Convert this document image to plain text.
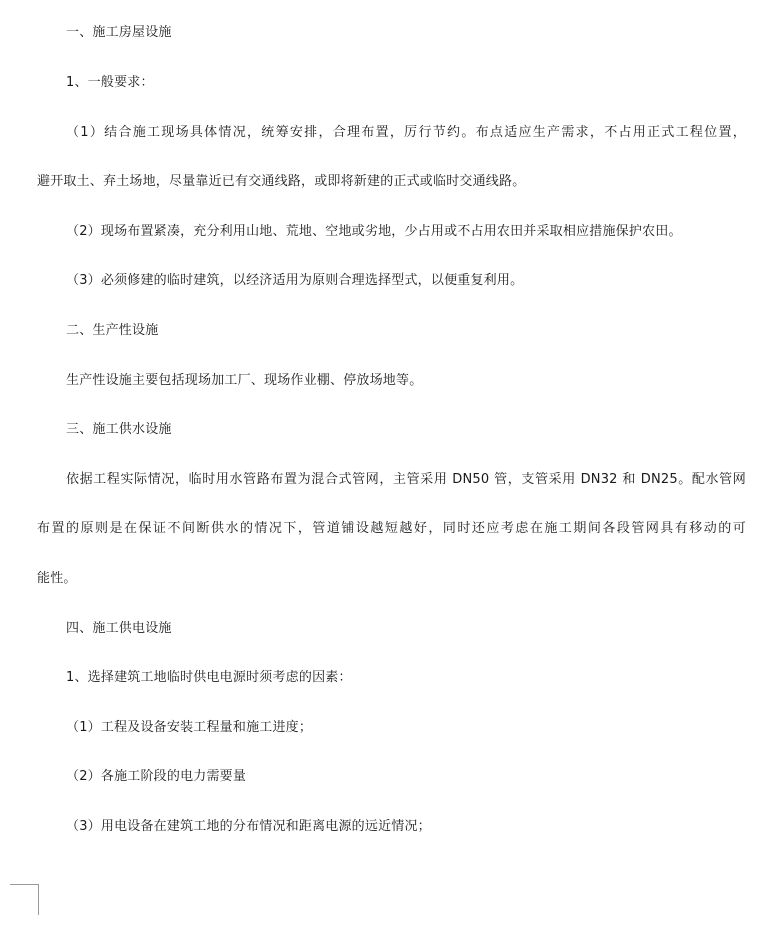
一、施工房屋设施
1、一般要求：
（1）结合施工现场具体情况，统筹安排，合理布置，厉行节约。布点适应生产需求，不占用正式工程位置，
避开取土、弃土场地，尽量靠近已有交通线路，或即将新建的正式或临时交通线路。
（2）现场布置紧凑，充分利用山地、荒地、空地或劣地，少占用或不占用农田并采取相应措施保护农田。
（3）必须修建的临时建筑，以经济适用为原则合理选择型式，以便重复利用。
二、生产性设施
生产性设施主要包括现场加工厂、现场作业棚、停放场地等。
三、施工供水设施
依据工程实际情况，临时用水管路布置为混合式管网，主管采用 DN50 管，支管采用 DN32 和 DN25。配水管网
布置的原则是在保证不间断供水的情况下，管道铺设越短越好，同时还应考虑在施工期间各段管网具有移动的可
能性。
四、施工供电设施
1、选择建筑工地临时供电电源时须考虑的因素：
（1）工程及设备安装工程量和施工进度；
（2）各施工阶段的电力需要量
（3）用电设备在建筑工地的分布情况和距离电源的远近情况；
